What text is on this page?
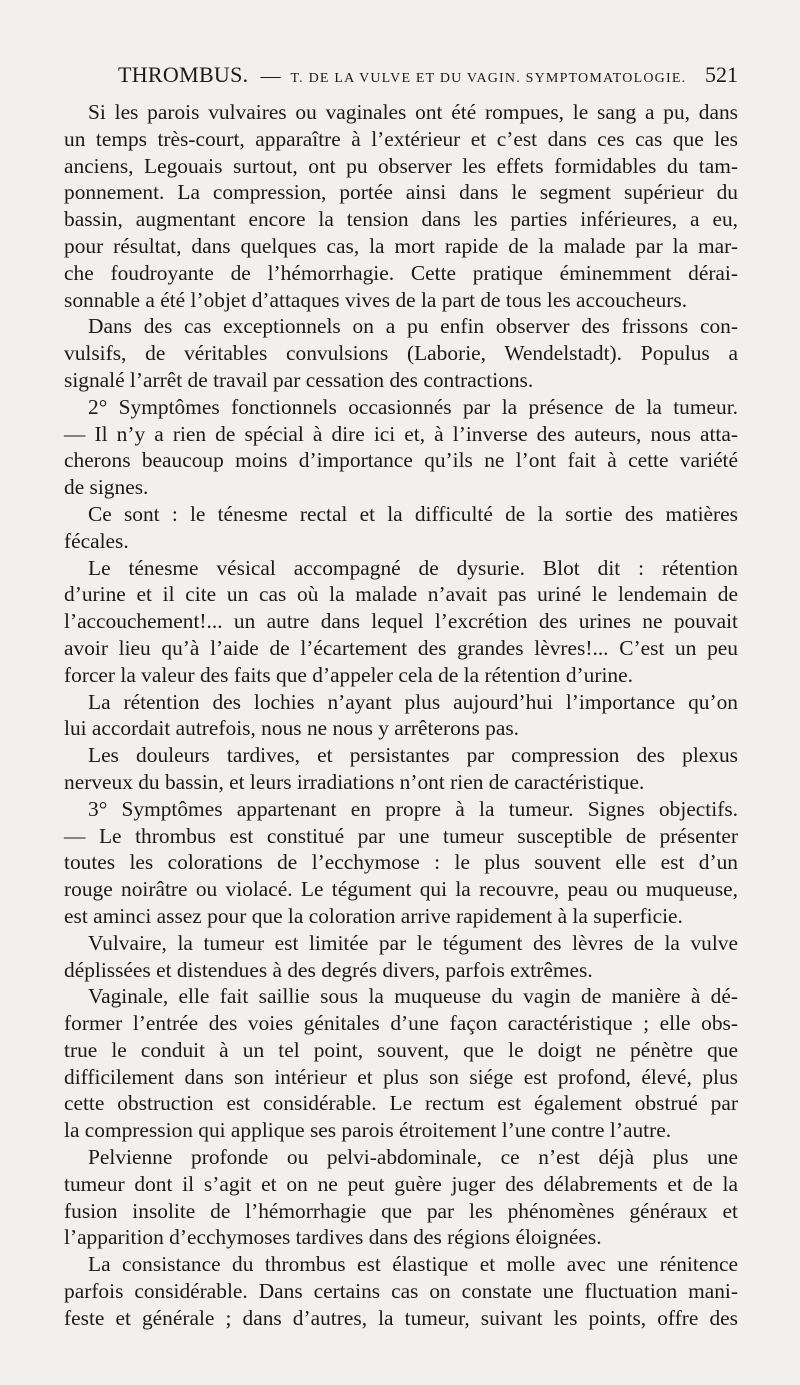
THROMBUS. — T. DE LA VULVE ET DU VAGIN. SYMPTOMATOLOGIE. 521
Si les parois vulvaires ou vaginales ont été rompues, le sang a pu, dans
un temps très-court, apparaître à l’extérieur et c’est dans ces cas que les
anciens, Legouais surtout, ont pu observer les effets formidables du tam-
ponnement. La compression, portée ainsi dans le segment supérieur du
bassin, augmentant encore la tension dans les parties inférieures, a eu,
pour résultat, dans quelques cas, la mort rapide de la malade par la mar-
che foudroyante de l’hémorrhagie. Cette pratique éminemment dérai-
sonnable a été l’objet d’attaques vives de la part de tous les accoucheurs.
Dans des cas exceptionnels on a pu enfin observer des frissons con-
vulsifs, de véritables convulsions (Laborie, Wendelstadt). Populus a
signalé l’arrêt de travail par cessation des contractions.
2° Symptômes fonctionnels occasionnés par la présence de la tumeur.
— Il n’y a rien de spécial à dire ici et, à l’inverse des auteurs, nous atta-
cherons beaucoup moins d’importance qu’ils ne l’ont fait à cette variété
de signes.
Ce sont : le ténesme rectal et la difficulté de la sortie des matières
fécales.
Le ténesme vésical accompagné de dysurie. Blot dit : rétention
d’urine et il cite un cas où la malade n’avait pas uriné le lendemain de
l’accouchement!... un autre dans lequel l’excrétion des urines ne pouvait
avoir lieu qu’à l’aide de l’écartement des grandes lèvres!... C’est un peu
forcer la valeur des faits que d’appeler cela de la rétention d’urine.
La rétention des lochies n’ayant plus aujourd’hui l’importance qu’on
lui accordait autrefois, nous ne nous y arrêterons pas.
Les douleurs tardives, et persistantes par compression des plexus
nerveux du bassin, et leurs irradiations n’ont rien de caractéristique.
3° Symptômes appartenant en propre à la tumeur. Signes objectifs.
— Le thrombus est constitué par une tumeur susceptible de présenter
toutes les colorations de l’ecchymose : le plus souvent elle est d’un
rouge noirâtre ou violacé. Le tégument qui la recouvre, peau ou muqueuse,
est aminci assez pour que la coloration arrive rapidement à la superficie.
Vulvaire, la tumeur est limitée par le tégument des lèvres de la vulve
déplissées et distendues à des degrés divers, parfois extrêmes.
Vaginale, elle fait saillie sous la muqueuse du vagin de manière à dé-
former l’entrée des voies génitales d’une façon caractéristique ; elle obs-
true le conduit à un tel point, souvent, que le doigt ne pénètre que
difficilement dans son intérieur et plus son siége est profond, élevé, plus
cette obstruction est considérable. Le rectum est également obstrué par
la compression qui applique ses parois étroitement l’une contre l’autre.
Pelvienne profonde ou pelvi-abdominale, ce n’est déjà plus une
tumeur dont il s’agit et on ne peut guère juger des délabrements et de la
fusion insolite de l’hémorrhagie que par les phénomènes généraux et
l’apparition d’ecchymoses tardives dans des régions éloignées.
La consistance du thrombus est élastique et molle avec une rénitence
parfois considérable. Dans certains cas on constate une fluctuation mani-
feste et générale ; dans d’autres, la tumeur, suivant les points, offre des
